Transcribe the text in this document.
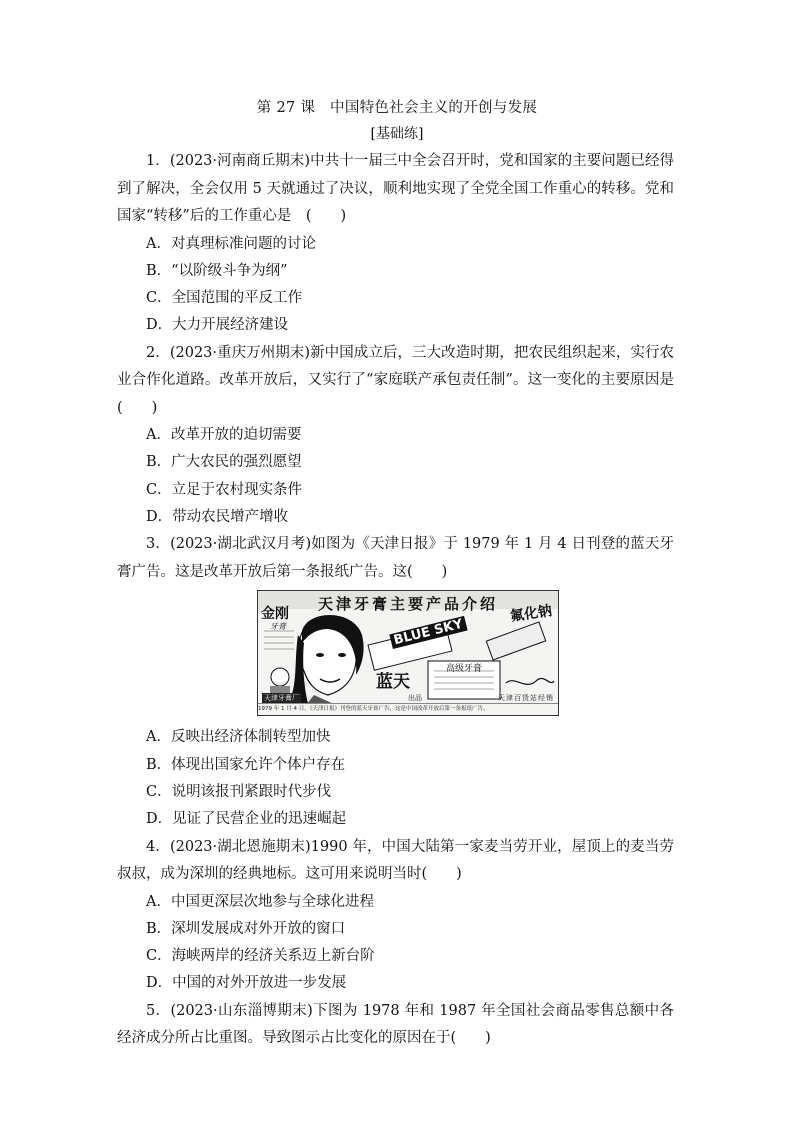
第 27 课　中国特色社会主义的开创与发展
[基础练]

1．(2023·河南商丘期末)中共十一届三中全会召开时，党和国家的主要问题已经得到了解决，全会仅用 5 天就通过了决议，顺利地实现了全党全国工作重心的转移。党和国家“转移”后的工作重心是　(　　)

A．对真理标准问题的讨论

B．“以阶级斗争为纲”

C．全国范围的平反工作

D．大力开展经济建设

2．(2023·重庆万州期末)新中国成立后，三大改造时期，把农民组织起来，实行农业合作化道路。改革开放后，又实行了“家庭联产承包责任制”。这一变化的主要原因是(　　)

A．改革开放的迫切需要

B．广大农民的强烈愿望

C．立足于农村现实条件

D．带动农民增产增收

3．(2023·湖北武汉月考)如图为《天津日报》于 1979 年 1 月 4 日刊登的蓝天牙膏广告。这是改革开放后第一条报纸广告。这(　　)

天津牙膏主要产品介绍
金刚
牙膏
氟化钠
BLUE SKY
蓝天
高级牙膏
天津牙膏厂	出品	天津百货站经销
1979 年 1 月 4 日，《天津日报》刊登的蓝天牙膏广告，这是中国改革开放后第一条报纸广告。

A．反映出经济体制转型加快

B．体现出国家允许个体户存在

C．说明该报刊紧跟时代步伐

D．见证了民营企业的迅速崛起

4．(2023·湖北恩施期末)1990 年，中国大陆第一家麦当劳开业，屋顶上的麦当劳叔叔，成为深圳的经典地标。这可用来说明当时(　　)

A．中国更深层次地参与全球化进程

B．深圳发展成对外开放的窗口

C．海峡两岸的经济关系迈上新台阶

D．中国的对外开放进一步发展

5．(2023·山东淄博期末)下图为 1978 年和 1987 年全国社会商品零售总额中各经济成分所占比重图。导致图示占比变化的原因在于(　　)
